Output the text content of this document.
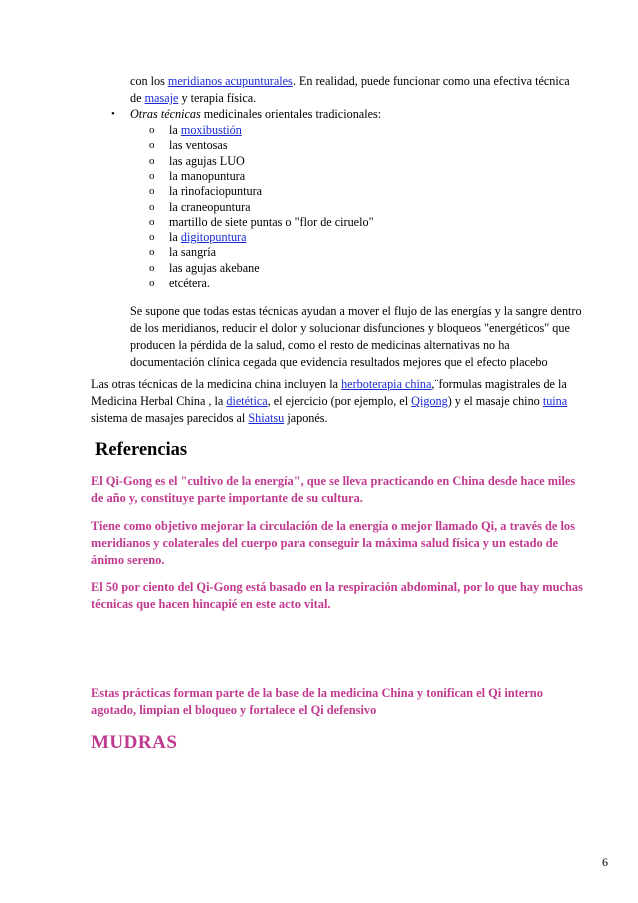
con los meridianos acupunturales. En realidad, puede funcionar como una efectiva técnica
de masaje y terapia física.
• Otras técnicas medicinales orientales tradicionales:
o la moxibustión
o las ventosas
o las agujas LUO
o la manopuntura
o la rinofaciopuntura
o la craneopuntura
o martillo de siete puntas o "flor de ciruelo"
o la digitopuntura
o la sangría
o las agujas akebane
o etcétera.
Se supone que todas estas técnicas ayudan a mover el flujo de las energías y la sangre dentro
de los meridianos, reducir el dolor y solucionar disfunciones y bloqueos "energéticos" que
producen la pérdida de la salud, como el resto de medicinas alternativas no ha
documentación clínica cegada que evidencia resultados mejores que el efecto placebo
Las otras técnicas de la medicina china incluyen la herboterapia china,¨formulas magistrales de la
Medicina Herbal China , la dietética, el ejercicio (por ejemplo, el Qigong) y el masaje chino tuina
sistema de masajes parecidos al Shiatsu japonés.
Referencias
El Qi-Gong es el "cultivo de la energía", que se lleva practicando en China desde hace miles
de año y, constituye parte importante de su cultura.
Tiene como objetivo mejorar la circulación de la energía o mejor llamado Qi, a través de los
meridianos y colaterales del cuerpo para conseguir la máxima salud física y un estado de
ánimo sereno.
El 50 por ciento del Qi-Gong está basado en la respiración abdominal, por lo que hay muchas
técnicas que hacen hincapié en este acto vital.
Estas prácticas forman parte de la base de la medicina China y tonifican el Qi interno
agotado, limpian el bloqueo y fortalece el Qi defensivo
MUDRAS
6
